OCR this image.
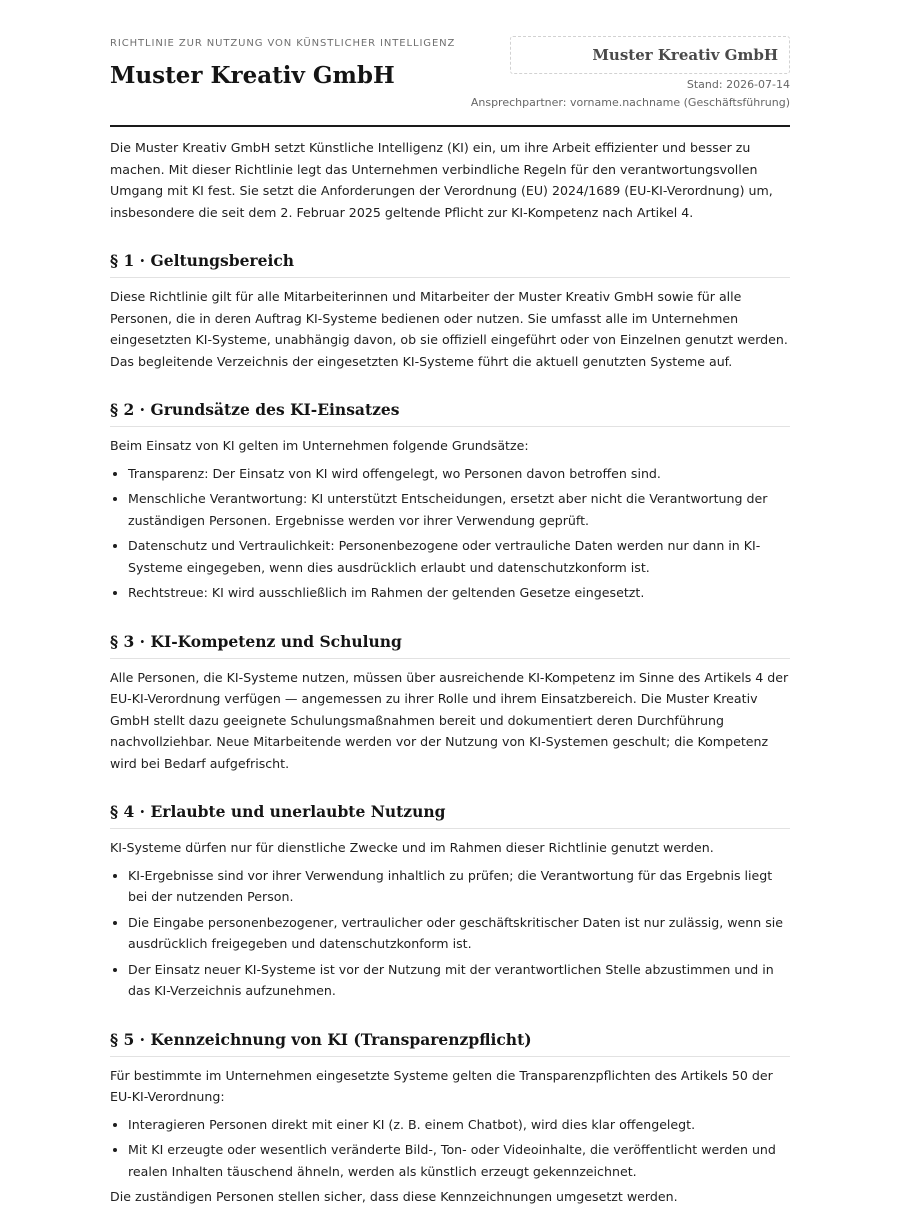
RICHTLINIE ZUR NUTZUNG VON KÜNSTLICHER INTELLIGENZ
Muster Kreativ GmbH
Muster Kreativ GmbH
Stand: 2026-07-14
Ansprechpartner: vorname.nachname (Geschäftsführung)

Die Muster Kreativ GmbH setzt Künstliche Intelligenz (KI) ein, um ihre Arbeit effizienter und besser zu machen. Mit dieser Richtlinie legt das Unternehmen verbindliche Regeln für den verantwortungsvollen Umgang mit KI fest. Sie setzt die Anforderungen der Verordnung (EU) 2024/1689 (EU-KI-Verordnung) um, insbesondere die seit dem 2. Februar 2025 geltende Pflicht zur KI-Kompetenz nach Artikel 4.

§ 1 · Geltungsbereich

Diese Richtlinie gilt für alle Mitarbeiterinnen und Mitarbeiter der Muster Kreativ GmbH sowie für alle Personen, die in deren Auftrag KI-Systeme bedienen oder nutzen. Sie umfasst alle im Unternehmen eingesetzten KI-Systeme, unabhängig davon, ob sie offiziell eingeführt oder von Einzelnen genutzt werden. Das begleitende Verzeichnis der eingesetzten KI-Systeme führt die aktuell genutzten Systeme auf.

§ 2 · Grundsätze des KI-Einsatzes

Beim Einsatz von KI gelten im Unternehmen folgende Grundsätze:

• Transparenz: Der Einsatz von KI wird offengelegt, wo Personen davon betroffen sind.
• Menschliche Verantwortung: KI unterstützt Entscheidungen, ersetzt aber nicht die Verantwortung der zuständigen Personen. Ergebnisse werden vor ihrer Verwendung geprüft.
• Datenschutz und Vertraulichkeit: Personenbezogene oder vertrauliche Daten werden nur dann in KI-Systeme eingegeben, wenn dies ausdrücklich erlaubt und datenschutzkonform ist.
• Rechtstreue: KI wird ausschließlich im Rahmen der geltenden Gesetze eingesetzt.
§ 3 · KI-Kompetenz und Schulung

Alle Personen, die KI-Systeme nutzen, müssen über ausreichende KI-Kompetenz im Sinne des Artikels 4 der EU-KI-Verordnung verfügen — angemessen zu ihrer Rolle und ihrem Einsatzbereich. Die Muster Kreativ GmbH stellt dazu geeignete Schulungsmaßnahmen bereit und dokumentiert deren Durchführung nachvollziehbar. Neue Mitarbeitende werden vor der Nutzung von KI-Systemen geschult; die Kompetenz wird bei Bedarf aufgefrischt.

§ 4 · Erlaubte und unerlaubte Nutzung

KI-Systeme dürfen nur für dienstliche Zwecke und im Rahmen dieser Richtlinie genutzt werden.

• KI-Ergebnisse sind vor ihrer Verwendung inhaltlich zu prüfen; die Verantwortung für das Ergebnis liegt bei der nutzenden Person.
• Die Eingabe personenbezogener, vertraulicher oder geschäftskritischer Daten ist nur zulässig, wenn sie ausdrücklich freigegeben und datenschutzkonform ist.
• Der Einsatz neuer KI-Systeme ist vor der Nutzung mit der verantwortlichen Stelle abzustimmen und in das KI-Verzeichnis aufzunehmen.
§ 5 · Kennzeichnung von KI (Transparenzpflicht)

Für bestimmte im Unternehmen eingesetzte Systeme gelten die Transparenzpflichten des Artikels 50 der EU-KI-Verordnung:

• Interagieren Personen direkt mit einer KI (z. B. einem Chatbot), wird dies klar offengelegt.
• Mit KI erzeugte oder wesentlich veränderte Bild-, Ton- oder Videoinhalte, die veröffentlicht werden und realen Inhalten täuschend ähneln, werden als künstlich erzeugt gekennzeichnet.

Die zuständigen Personen stellen sicher, dass diese Kennzeichnungen umgesetzt werden.
